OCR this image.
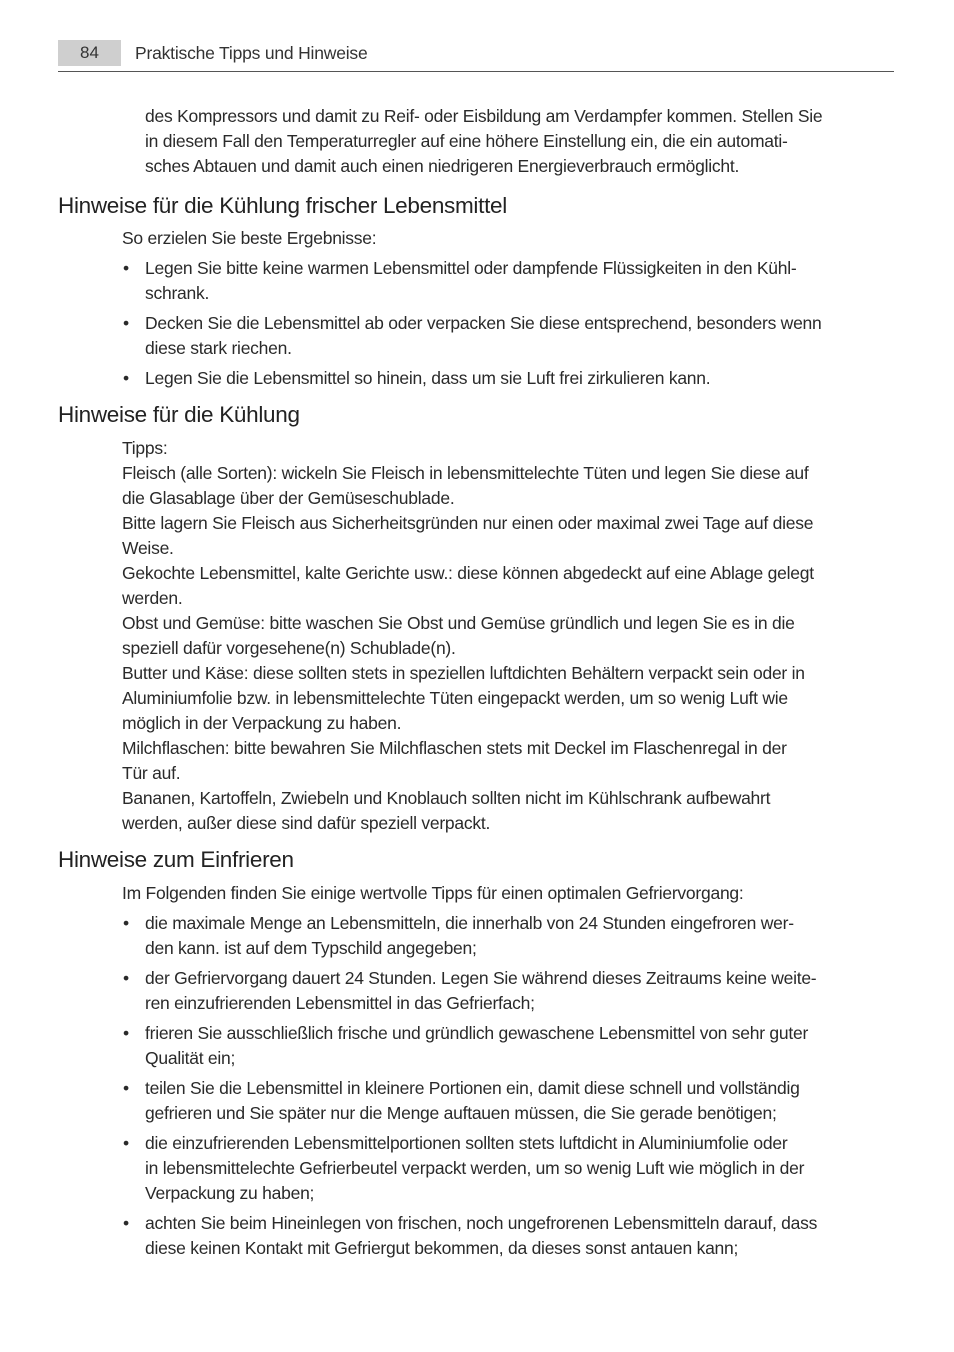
84	Praktische Tipps und Hinweise
des Kompressors und damit zu Reif- oder Eisbildung am Verdampfer kommen. Stellen Sie
in diesem Fall den Temperaturregler auf eine höhere Einstellung ein, die ein automati-
sches Abtauen und damit auch einen niedrigeren Energieverbrauch ermöglicht.
Hinweise für die Kühlung frischer Lebensmittel
So erzielen Sie beste Ergebnisse:
• Legen Sie bitte keine warmen Lebensmittel oder dampfende Flüssigkeiten in den Kühl-
schrank.
• Decken Sie die Lebensmittel ab oder verpacken Sie diese entsprechend, besonders wenn
diese stark riechen.
• Legen Sie die Lebensmittel so hinein, dass um sie Luft frei zirkulieren kann.
Hinweise für die Kühlung
Tipps:
Fleisch (alle Sorten): wickeln Sie Fleisch in lebensmittelechte Tüten und legen Sie diese auf
die Glasablage über der Gemüseschublade.
Bitte lagern Sie Fleisch aus Sicherheitsgründen nur einen oder maximal zwei Tage auf diese
Weise.
Gekochte Lebensmittel, kalte Gerichte usw.: diese können abgedeckt auf eine Ablage gelegt
werden.
Obst und Gemüse: bitte waschen Sie Obst und Gemüse gründlich und legen Sie es in die
speziell dafür vorgesehene(n) Schublade(n).
Butter und Käse: diese sollten stets in speziellen luftdichten Behältern verpackt sein oder in
Aluminiumfolie bzw. in lebensmittelechte Tüten eingepackt werden, um so wenig Luft wie
möglich in der Verpackung zu haben.
Milchflaschen: bitte bewahren Sie Milchflaschen stets mit Deckel im Flaschenregal in der
Tür auf.
Bananen, Kartoffeln, Zwiebeln und Knoblauch sollten nicht im Kühlschrank aufbewahrt
werden, außer diese sind dafür speziell verpackt.
Hinweise zum Einfrieren
Im Folgenden finden Sie einige wertvolle Tipps für einen optimalen Gefriervorgang:
• die maximale Menge an Lebensmitteln, die innerhalb von 24 Stunden eingefroren wer-
den kann. ist auf dem Typschild angegeben;
• der Gefriervorgang dauert 24 Stunden. Legen Sie während dieses Zeitraums keine weite-
ren einzufrierenden Lebensmittel in das Gefrierfach;
• frieren Sie ausschließlich frische und gründlich gewaschene Lebensmittel von sehr guter
Qualität ein;
• teilen Sie die Lebensmittel in kleinere Portionen ein, damit diese schnell und vollständig
gefrieren und Sie später nur die Menge auftauen müssen, die Sie gerade benötigen;
• die einzufrierenden Lebensmittelportionen sollten stets luftdicht in Aluminiumfolie oder
in lebensmittelechte Gefrierbeutel verpackt werden, um so wenig Luft wie möglich in der
Verpackung zu haben;
• achten Sie beim Hineinlegen von frischen, noch ungefrorenen Lebensmitteln darauf, dass
diese keinen Kontakt mit Gefriergut bekommen, da dieses sonst antauen kann;
